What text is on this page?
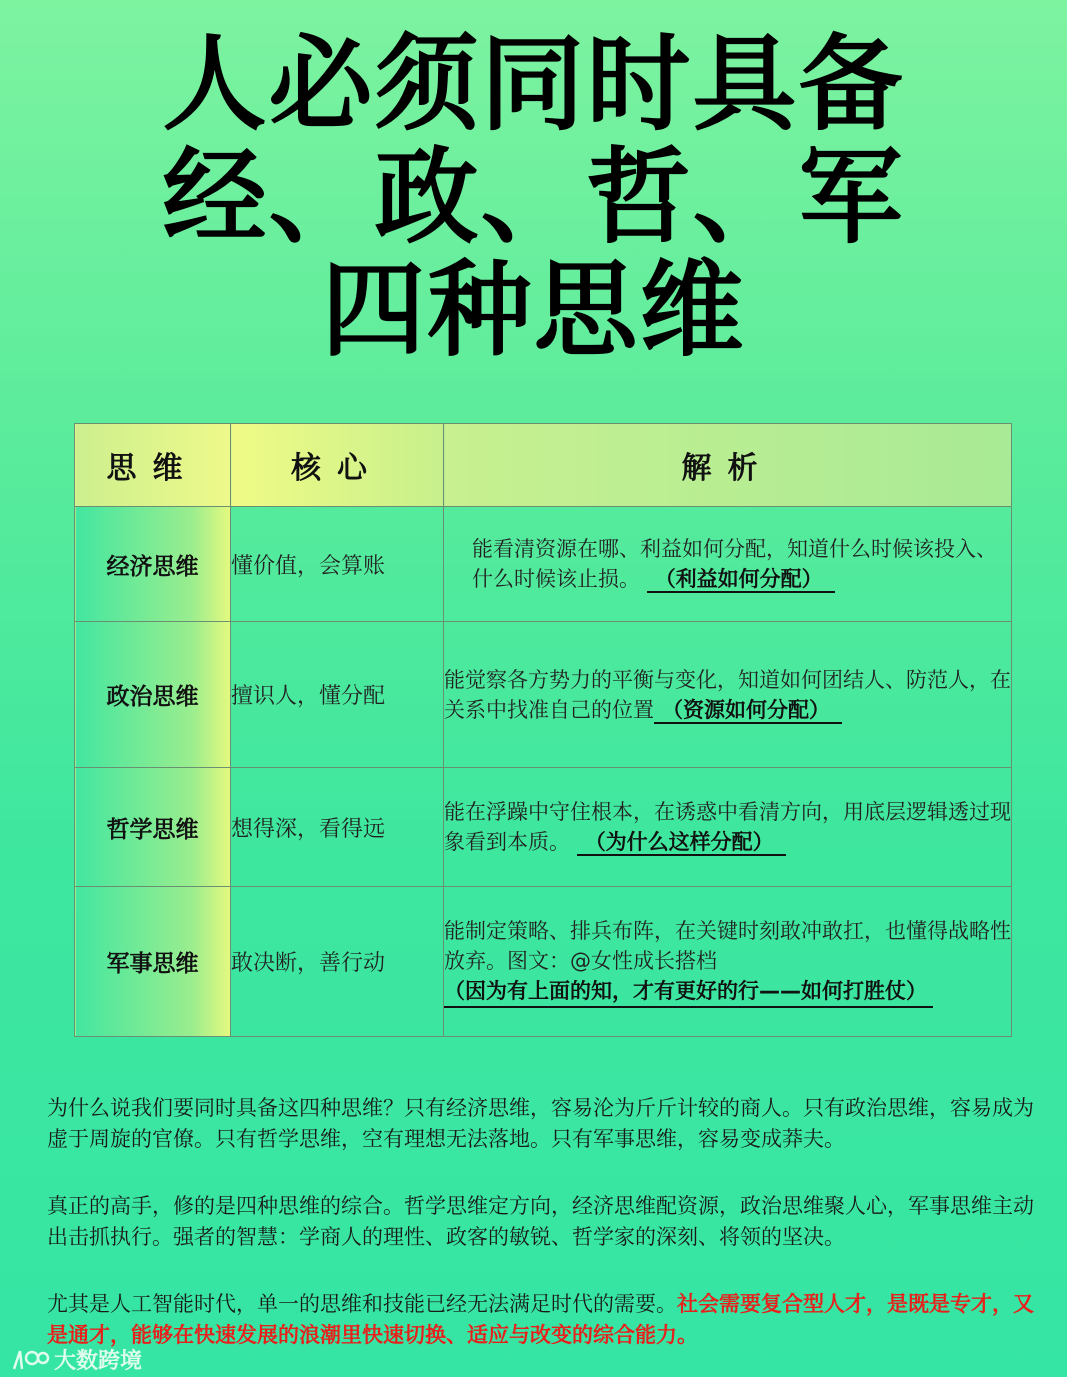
人必须同时具备
经、政、哲、军
四种思维
思维	核心	解析
经济思维	懂价值，会算账	能看清资源在哪、利益如何分配，知道什么时候该投入、什么时候该止损。 （利益如何分配）
政治思维	擅识人，懂分配	能觉察各方势力的平衡与变化，知道如何团结人、防范人，在关系中找准自己的位置 （资源如何分配）
哲学思维	想得深，看得远	能在浮躁中守住根本，在诱惑中看清方向，用底层逻辑透过现象看到本质。 （为什么这样分配）
军事思维	敢决断，善行动	能制定策略、排兵布阵，在关键时刻敢冲敢扛，也懂得战略性放弃。图文：@女性成长搭档
（因为有上面的知，才有更好的行——如何打胜仗）
为什么说我们要同时具备这四种思维？只有经济思维，容易沦为斤斤计较的商人。只有政治思维，容易成为虚于周旋的官僚。只有哲学思维，空有理想无法落地。只有军事思维，容易变成莽夫。
真正的高手，修的是四种思维的综合。哲学思维定方向，经济思维配资源，政治思维聚人心，军事思维主动出击抓执行。强者的智慧：学商人的理性、政客的敏锐、哲学家的深刻、将领的坚决。
尤其是人工智能时代，单一的思维和技能已经无法满足时代的需要。社会需要复合型人才，是既是专才，又是通才，能够在快速发展的浪潮里快速切换、适应与改变的综合能力。
大数跨境
